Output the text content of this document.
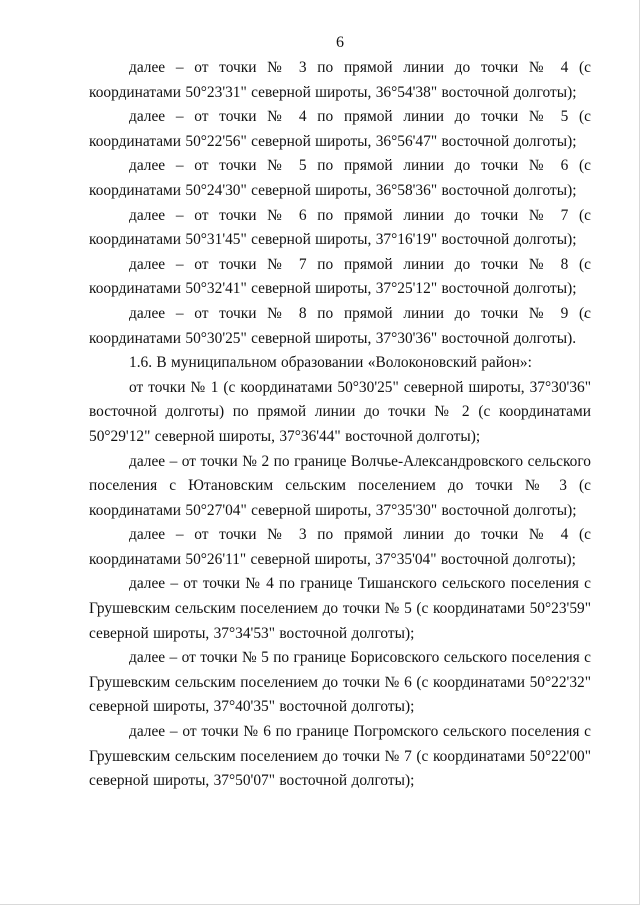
6

далее – от точки № 3 по прямой линии до точки № 4 (с координатами 50°23'31" северной широты, 36°54'38" восточной долготы);

далее – от точки № 4 по прямой линии до точки № 5 (с координатами 50°22'56" северной широты, 36°56'47" восточной долготы);

далее – от точки № 5 по прямой линии до точки № 6 (с координатами 50°24'30" северной широты, 36°58'36" восточной долготы);

далее – от точки № 6 по прямой линии до точки № 7 (с координатами 50°31'45" северной широты, 37°16'19" восточной долготы);

далее – от точки № 7 по прямой линии до точки № 8 (с координатами 50°32'41" северной широты, 37°25'12" восточной долготы);

далее – от точки № 8 по прямой линии до точки № 9 (с координатами 50°30'25" северной широты, 37°30'36" восточной долготы).

1.6. В муниципальном образовании «Волоконовский район»:

от точки № 1 (с координатами 50°30'25" северной широты, 37°30'36" восточной долготы) по прямой линии до точки № 2 (с координатами 50°29'12" северной широты, 37°36'44" восточной долготы);

далее – от точки № 2 по границе Волчье-Александровского сельского поселения с Ютановским сельским поселением до точки № 3 (с координатами 50°27'04" северной широты, 37°35'30" восточной долготы);

далее – от точки № 3 по прямой линии до точки № 4 (с координатами 50°26'11" северной широты, 37°35'04" восточной долготы);

далее – от точки № 4 по границе Тишанского сельского поселения с Грушевским сельским поселением до точки № 5 (с координатами 50°23'59" северной широты, 37°34'53" восточной долготы);

далее – от точки № 5 по границе Борисовского сельского поселения с Грушевским сельским поселением до точки № 6 (с координатами 50°22'32" северной широты, 37°40'35" восточной долготы);

далее – от точки № 6 по границе Погромского сельского поселения с Грушевским сельским поселением до точки № 7 (с координатами 50°22'00" северной широты, 37°50'07" восточной долготы);
